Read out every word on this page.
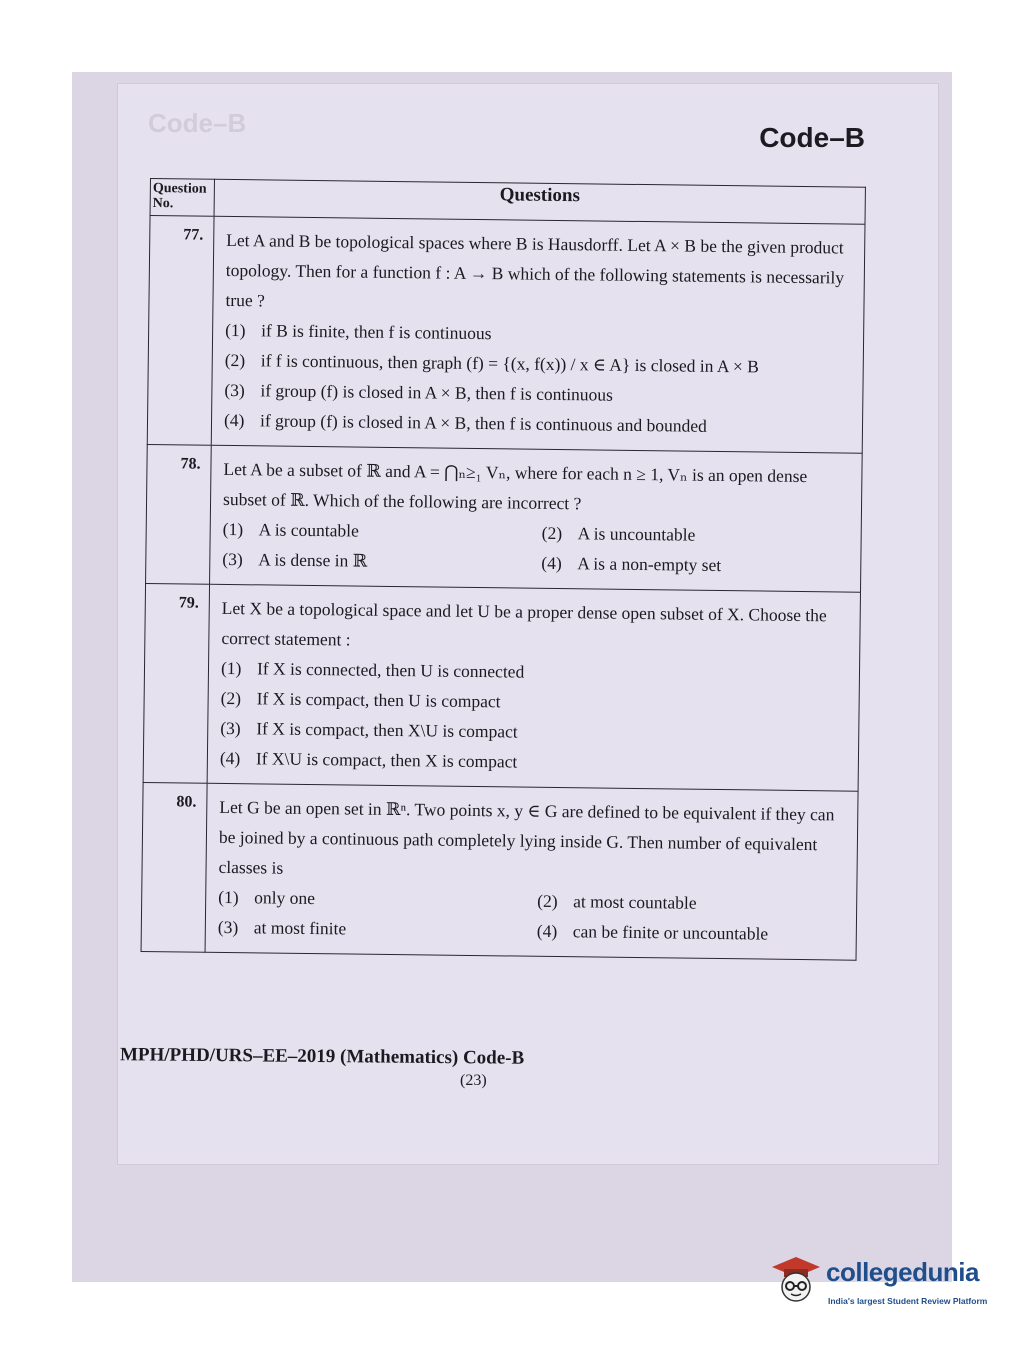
Code–B	Code–B
Question No.	Questions
77.	Let A and B be topological spaces where B is Hausdorff. Let A × B be the given product topology. Then for a function f : A → B which of the following statements is necessarily true ?

(1) if B is finite, then f is continuous
(2) if f is continuous, then graph (f) = {(x, f(x)) / x ∈ A} is closed in A × B
(3) if group (f) is closed in A × B, then f is continuous
(4) if group (f) is closed in A × B, then f is continuous and bounded

78.	Let A be a subset of ℝ and A = ⋂ₙ≥₁ Vₙ, where for each n ≥ 1, Vₙ is an open dense subset of ℝ. Which of the following are incorrect ?

(1) A is countable (2) A is uncountable
(3) A is dense in ℝ (4) A is a non-empty set

79.	Let X be a topological space and let U be a proper dense open subset of X. Choose the correct statement :

(1) If X is connected, then U is connected
(2) If X is compact, then U is compact
(3) If X is compact, then X\U is compact
(4) If X\U is compact, then X is compact

80.	Let G be an open set in ℝⁿ. Two points x, y ∈ G are defined to be equivalent if they can be joined by a continuous path completely lying inside G. Then number of equivalent classes is

(1) only one (2) at most countable
(3) at most finite (4) can be finite or uncountable
MPH/PHD/URS–EE–2019 (Mathematics) Code-B
(23)
collegedunia
India's largest Student Review Platform
